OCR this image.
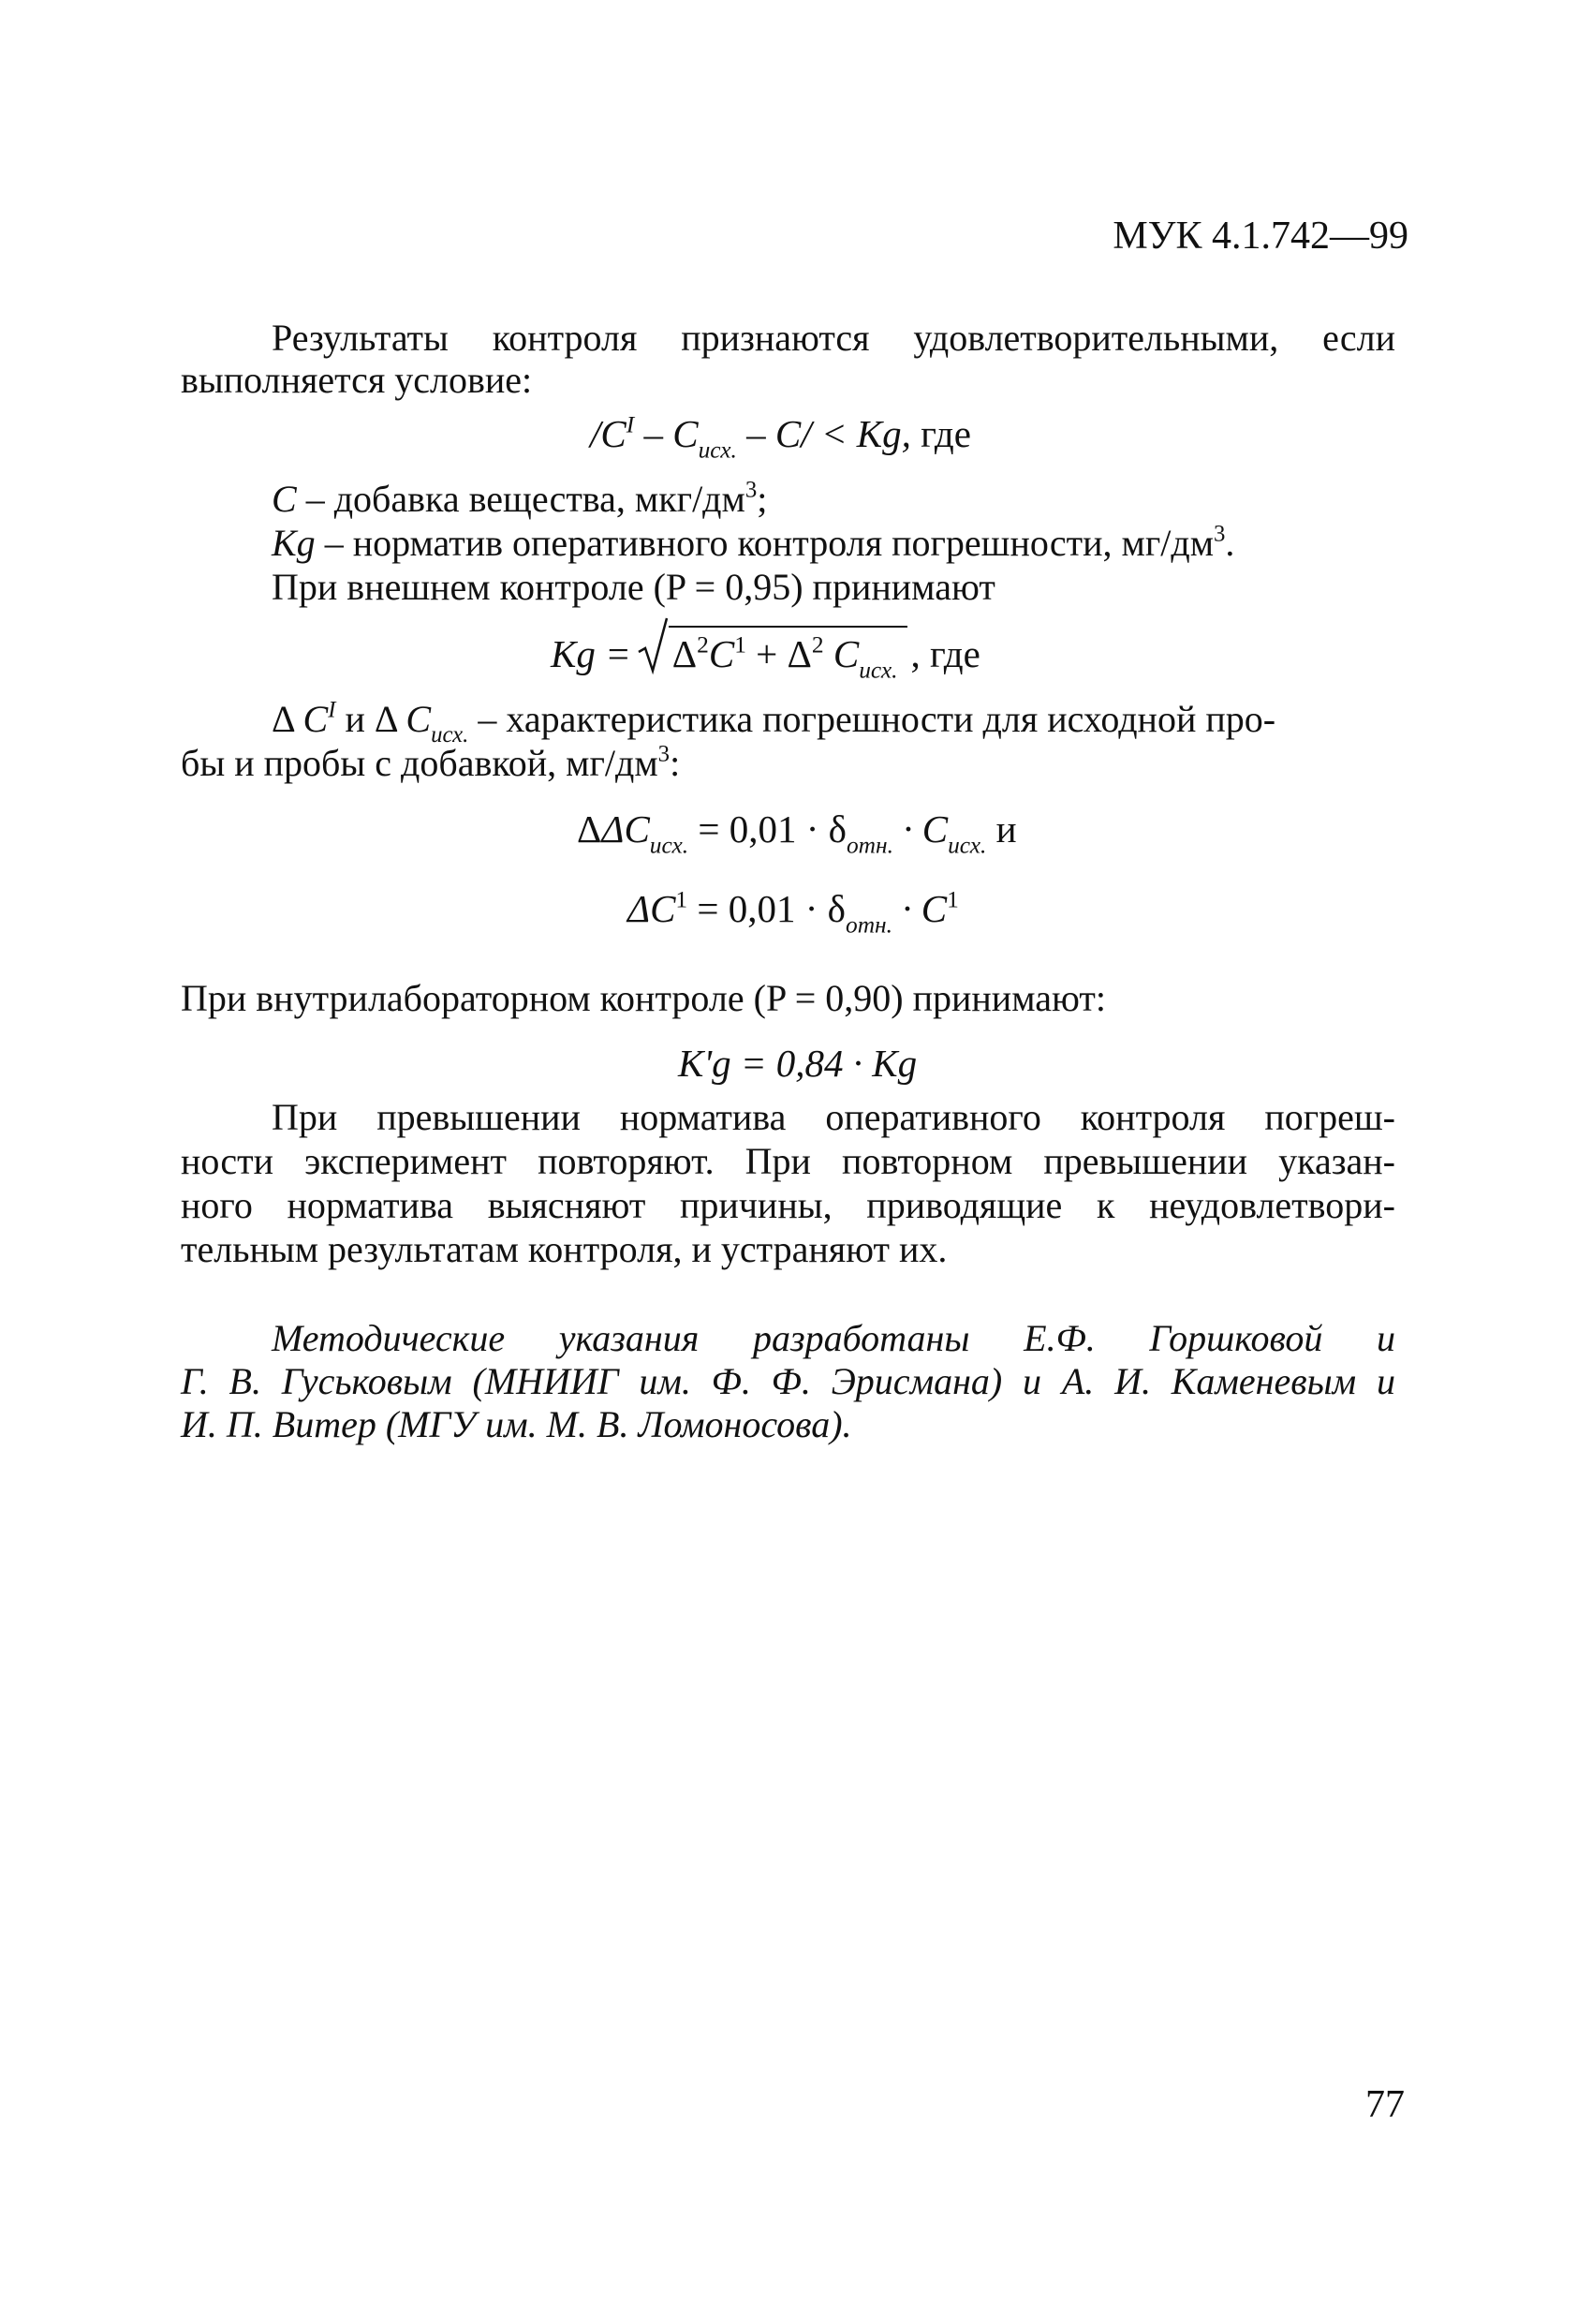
МУК 4.1.742—99
Результаты контроля признаются удовлетворительными, если
выполняется условие:
$/C^I - C_{исх.} - C/ < Kg$, где
C – добавка вещества, мкг/$дм^3$;
Kg – норматив оперативного контроля погрешности, $мг/дм^3$.
При внешнем контроле (P = 0,95) принимают
$Kg = \Delta^2C^1 + \Delta^2$ $C_{исх.}$ , где
Δ $C^I$ и Δ $C_{исх.}$ – характеристика погрешности для исходной про-
бы и пробы с добавкой, $мг/дм^3$:
$\Delta\Delta C_{исх.} = 0,01 \cdot \delta_{отн.} \cdot C_{исх.}$ и
$\Delta C^1 = 0,01 \cdot \delta_{отн.} \cdot C^1$
При внутрилабораторном контроле (P = 0,90) принимают:
K'g = 0,84 · Kg
При превышении норматива оперативного контроля погреш-
ности эксперимент повторяют. При повторном превышении указан-
ного норматива выясняют причины, приводящие к неудовлетвори-
тельным результатам контроля, и устраняют их.
Методические указания разработаны Е.Ф. Горшковой и
Г. В. Гуськовым (МНИИГ им. Ф. Ф. Эрисмана) и А. И. Каменевым и
И. П. Витер (МГУ им. М. В. Ломоносова).
77
